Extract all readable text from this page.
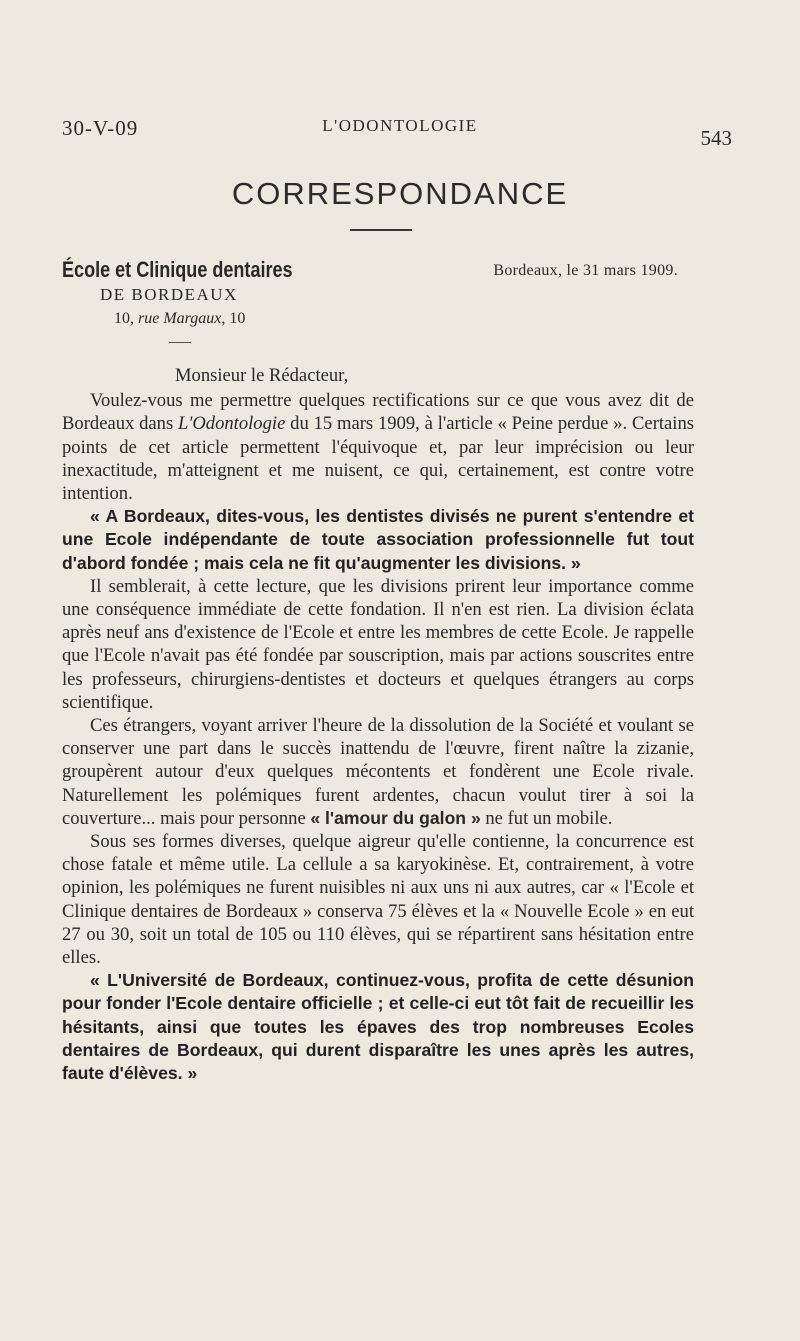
30-V-09	L'ODONTOLOGIE
543
CORRESPONDANCE
École et Clinique dentaires
DE BORDEAUX
10, rue Margaux, 10
Bordeaux, le 31 mars 1909.

Monsieur le Rédacteur,

Voulez-vous me permettre quelques rectifications sur ce que vous avez dit de Bordeaux dans L'Odontologie du 15 mars 1909, à l'article « Peine perdue ». Certains points de cet article permettent l'équivoque et, par leur imprécision ou leur inexactitude, m'atteignent et me nuisent, ce qui, certainement, est contre votre intention.

« A Bordeaux, dites-vous, les dentistes divisés ne purent s'entendre et une Ecole indépendante de toute association professionnelle fut tout d'abord fondée ; mais cela ne fit qu'augmenter les divisions. »

Il semblerait, à cette lecture, que les divisions prirent leur importance comme une conséquence immédiate de cette fondation. Il n'en est rien. La division éclata après neuf ans d'existence de l'Ecole et entre les membres de cette Ecole. Je rappelle que l'Ecole n'avait pas été fondée par souscription, mais par actions souscrites entre les professeurs, chirurgiens-dentistes et docteurs et quelques étrangers au corps scientifique.

Ces étrangers, voyant arriver l'heure de la dissolution de la Société et voulant se conserver une part dans le succès inattendu de l'œuvre, firent naître la zizanie, groupèrent autour d'eux quelques mécontents et fondèrent une Ecole rivale. Naturellement les polémiques furent ardentes, chacun voulut tirer à soi la couverture... mais pour personne « l'amour du galon » ne fut un mobile.

Sous ses formes diverses, quelque aigreur qu'elle contienne, la concurrence est chose fatale et même utile. La cellule a sa karyokinèse. Et, contrairement, à votre opinion, les polémiques ne furent nuisibles ni aux uns ni aux autres, car « l'Ecole et Clinique dentaires de Bordeaux » conserva 75 élèves et la « Nouvelle Ecole » en eut 27 ou 30, soit un total de 105 ou 110 élèves, qui se répartirent sans hésitation entre elles.

« L'Université de Bordeaux, continuez-vous, profita de cette désunion pour fonder l'Ecole dentaire officielle ; et celle-ci eut tôt fait de recueillir les hésitants, ainsi que toutes les épaves des trop nombreuses Ecoles dentaires de Bordeaux, qui durent disparaître les unes après les autres, faute d'élèves. »
